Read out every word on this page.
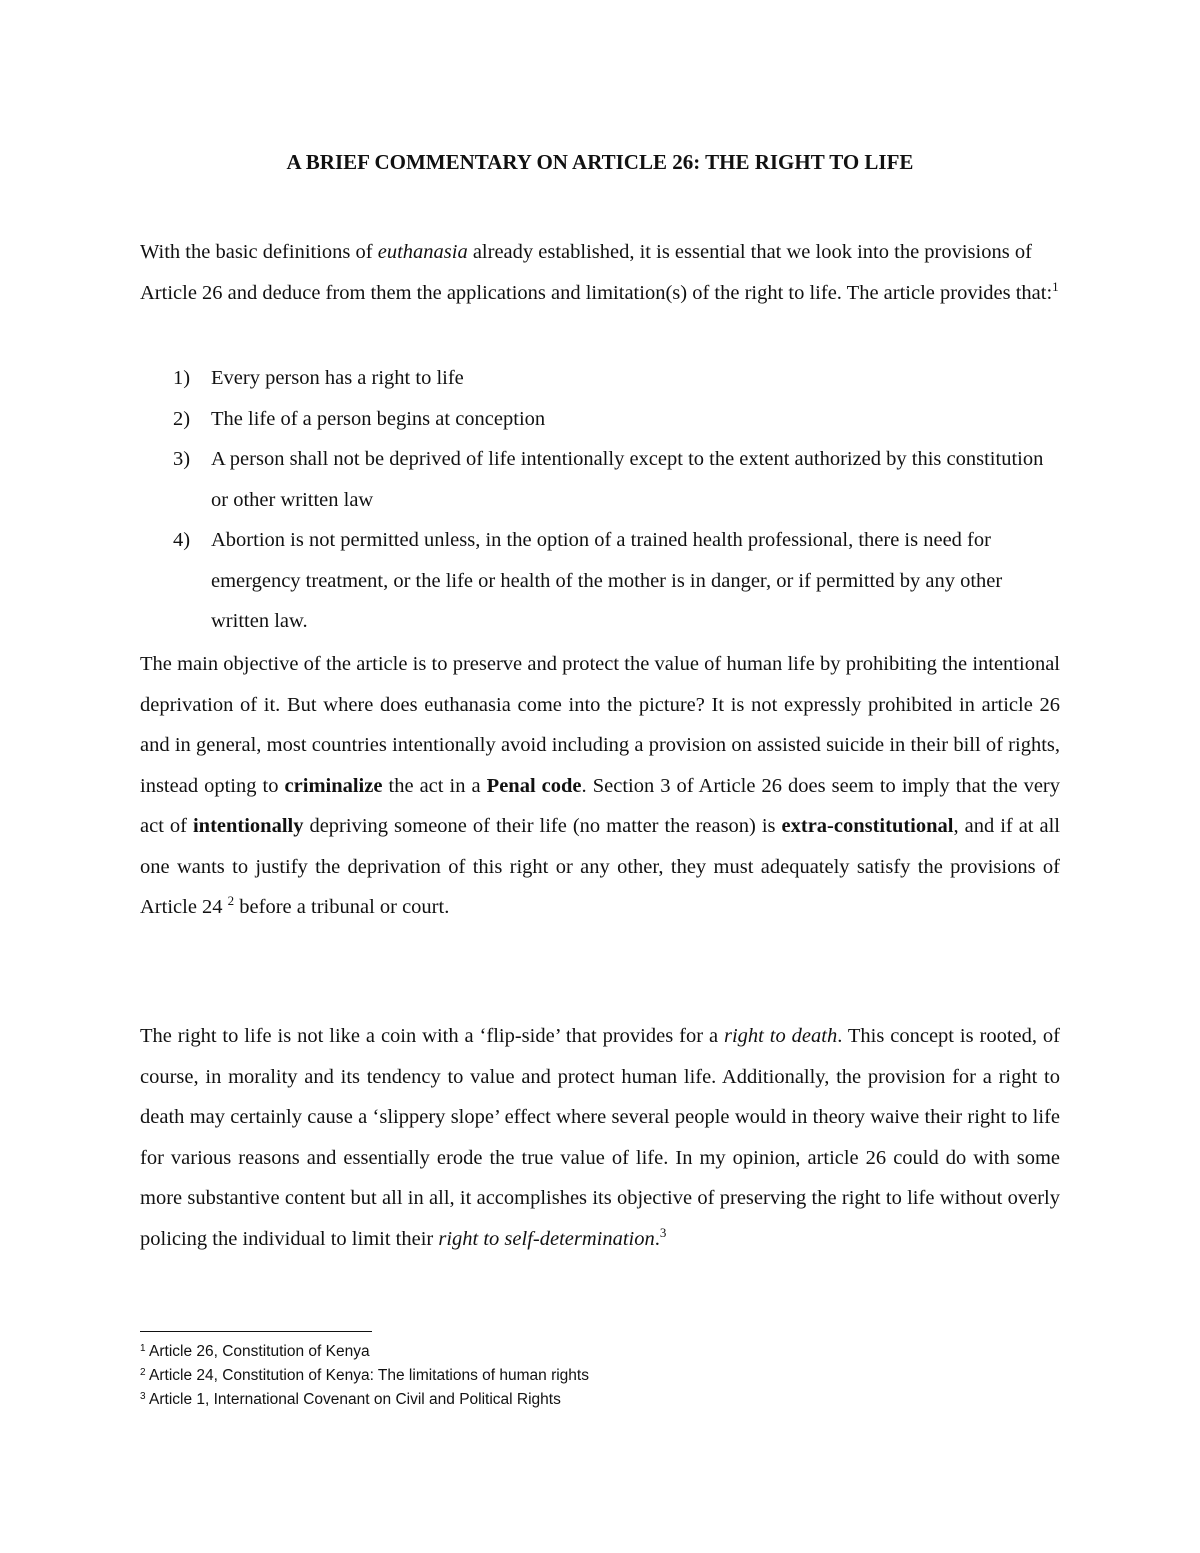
A BRIEF COMMENTARY ON ARTICLE 26: THE RIGHT TO LIFE

With the basic definitions of euthanasia already established, it is essential that we look into the provisions of Article 26 and deduce from them the applications and limitation(s) of the right to life. The article provides that:$^1$

1) Every person has a right to life
2) The life of a person begins at conception
3) A person shall not be deprived of life intentionally except to the extent authorized by this constitution or other written law
4) Abortion is not permitted unless, in the option of a trained health professional, there is need for emergency treatment, or the life or health of the mother is in danger, or if permitted by any other written law.

The main objective of the article is to preserve and protect the value of human life by prohibiting the intentional deprivation of it. But where does euthanasia come into the picture? It is not expressly prohibited in article 26 and in general, most countries intentionally avoid including a provision on assisted suicide in their bill of rights, instead opting to criminalize the act in a Penal code. Section 3 of Article 26 does seem to imply that the very act of intentionally depriving someone of their life (no matter the reason) is extra-constitutional, and if at all one wants to justify the deprivation of this right or any other, they must adequately satisfy the provisions of Article 24 $^2$ before a tribunal or court.

The right to life is not like a coin with a ‘flip-side’ that provides for a right to death. This concept is rooted, of course, in morality and its tendency to value and protect human life. Additionally, the provision for a right to death may certainly cause a ‘slippery slope’ effect where several people would in theory waive their right to life for various reasons and essentially erode the true value of life. In my opinion, article 26 could do with some more substantive content but all in all, it accomplishes its objective of preserving the right to life without overly policing the individual to limit their right to self-determination.$^3$

$^1$ Article 26, Constitution of Kenya

$^2$ Article 24, Constitution of Kenya: The limitations of human rights

$^3$ Article 1, International Covenant on Civil and Political Rights
